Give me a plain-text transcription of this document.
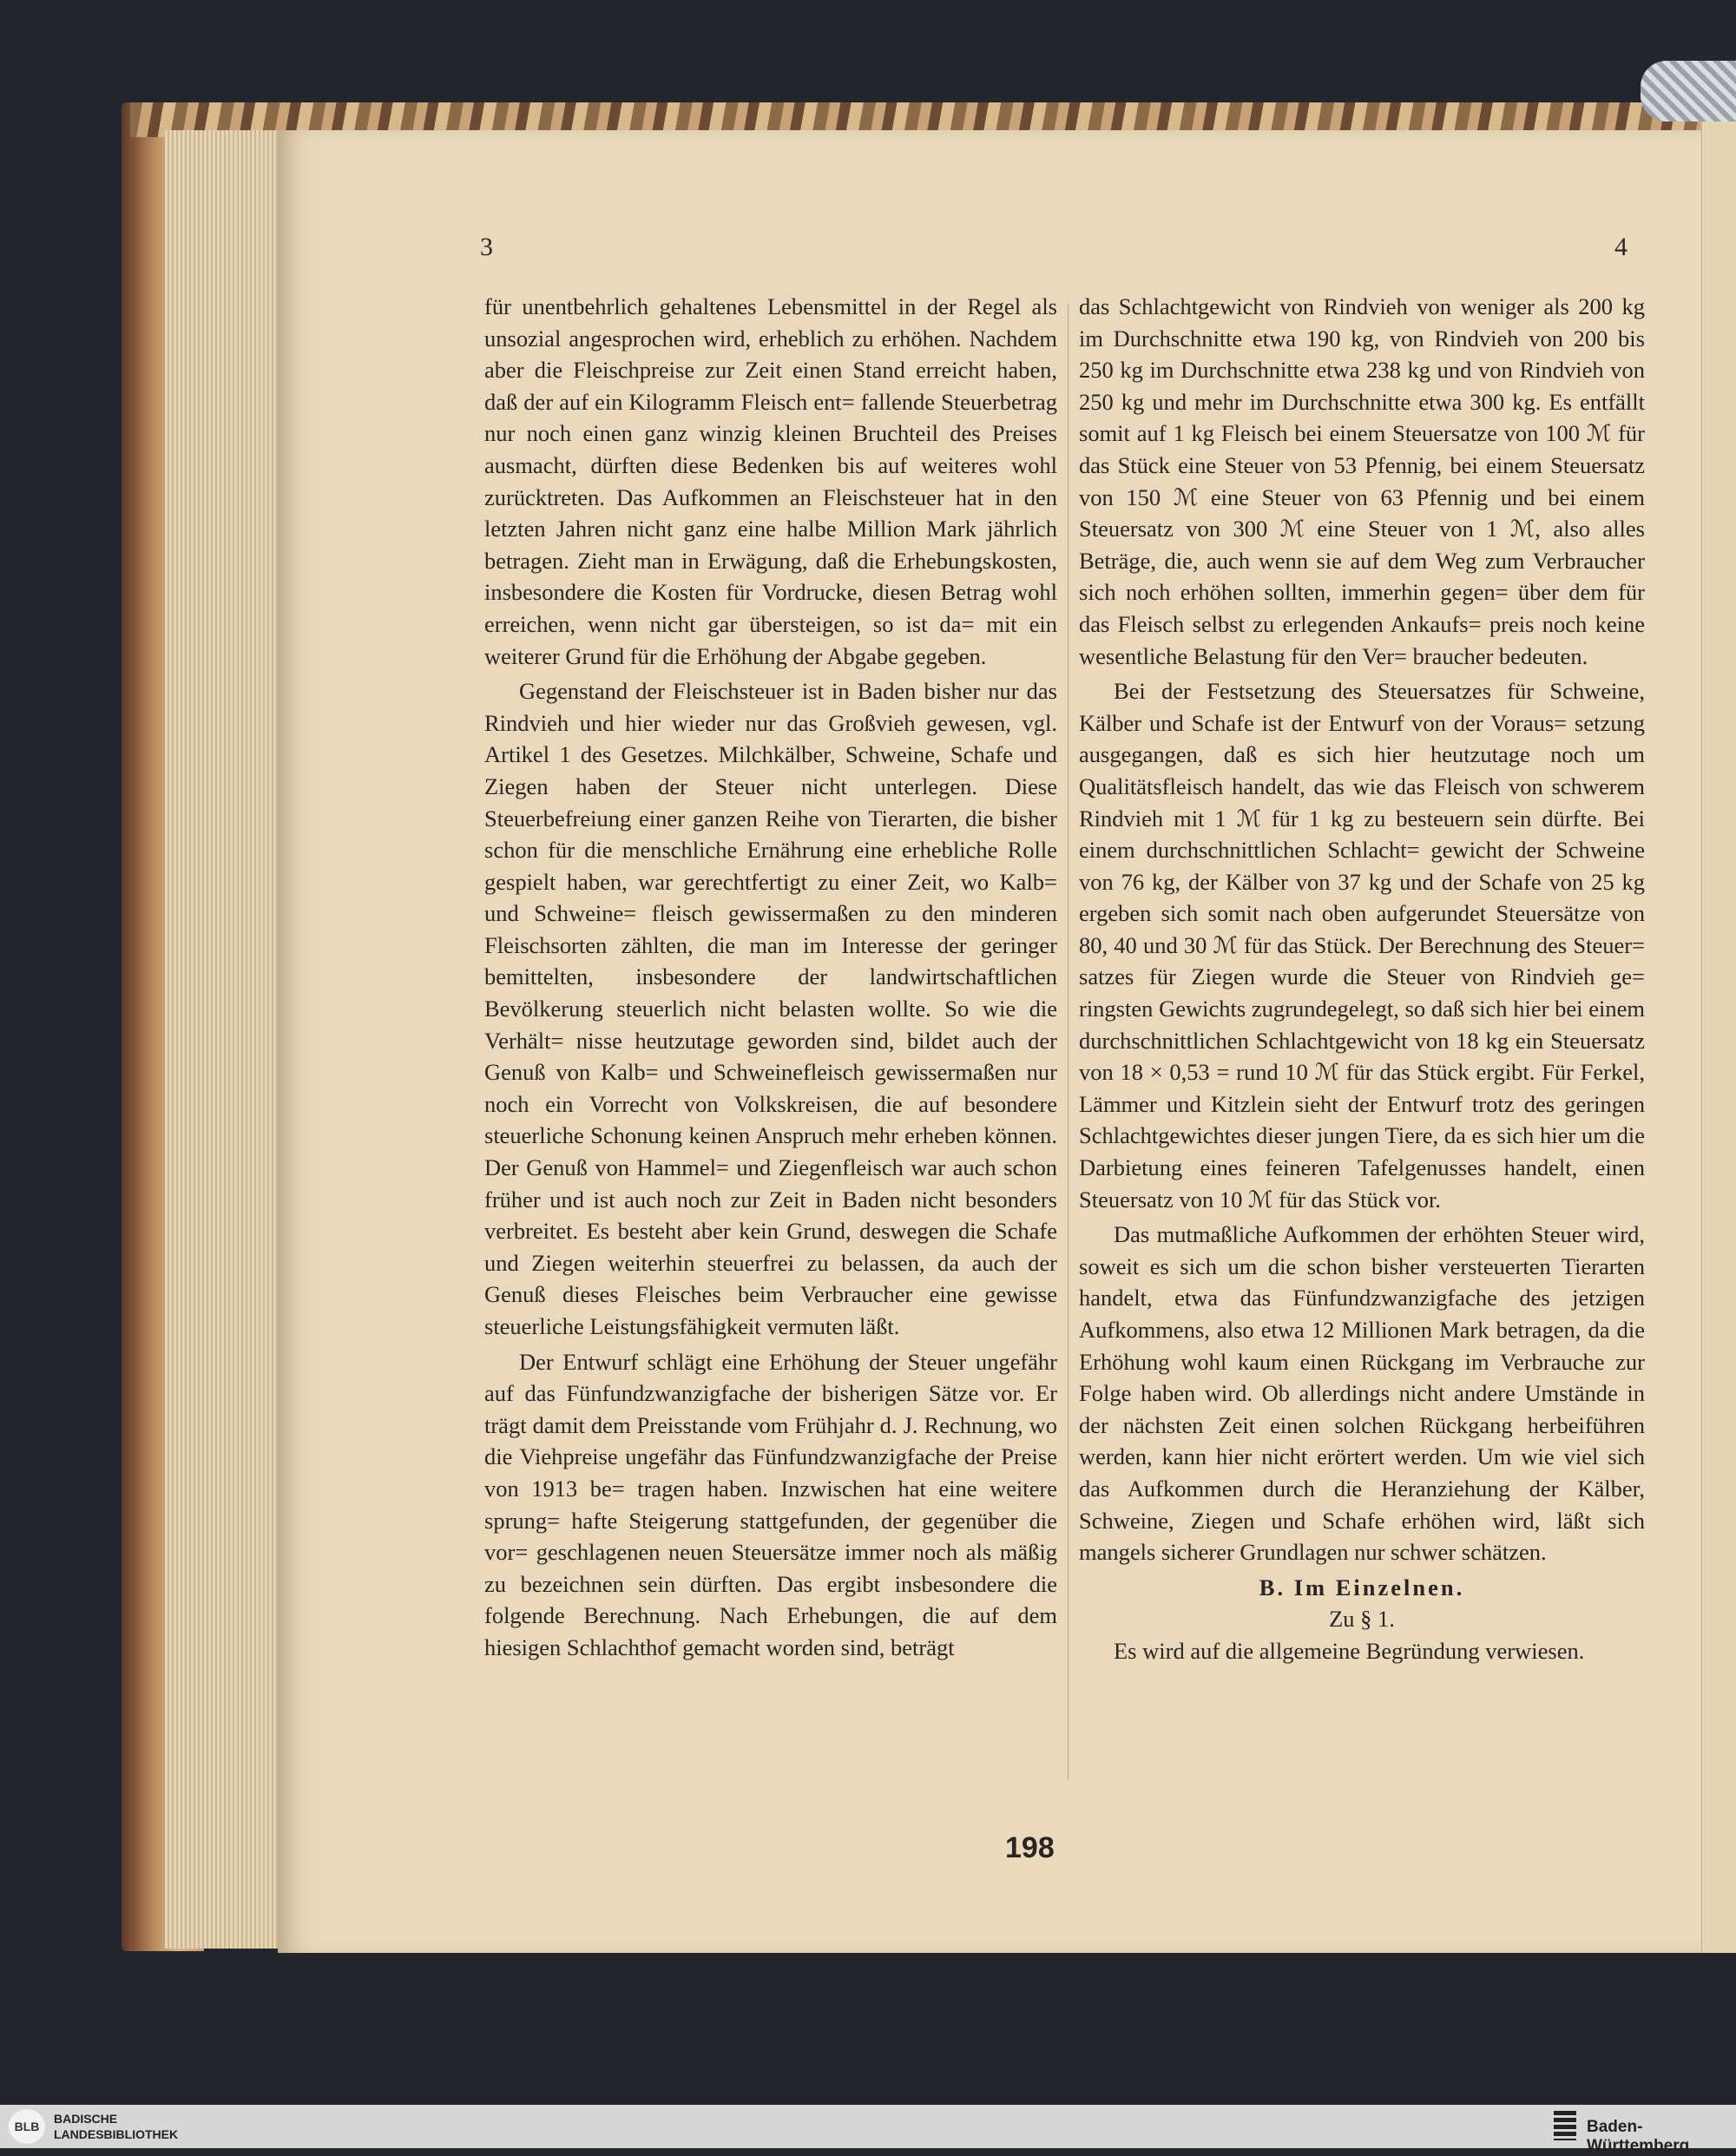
3	4

für unentbehrlich gehaltenes Lebensmittel in der Regel als unsozial angesprochen wird, erheblich zu erhöhen. Nachdem aber die Fleischpreise zur Zeit einen Stand erreicht haben, daß der auf ein Kilogramm Fleisch ent= fallende Steuerbetrag nur noch einen ganz winzig kleinen Bruchteil des Preises ausmacht, dürften diese Bedenken bis auf weiteres wohl zurücktreten. Das Aufkommen an Fleischsteuer hat in den letzten Jahren nicht ganz eine halbe Million Mark jährlich betragen. Zieht man in Erwägung, daß die Erhebungskosten, insbesondere die Kosten für Vordrucke, diesen Betrag wohl erreichen, wenn nicht gar übersteigen, so ist da= mit ein weiterer Grund für die Erhöhung der Abgabe gegeben.

Gegenstand der Fleischsteuer ist in Baden bisher nur das Rindvieh und hier wieder nur das Großvieh gewesen, vgl. Artikel 1 des Gesetzes. Milchkälber, Schweine, Schafe und Ziegen haben der Steuer nicht unterlegen. Diese Steuerbefreiung einer ganzen Reihe von Tierarten, die bisher schon für die menschliche Ernährung eine erhebliche Rolle gespielt haben, war gerechtfertigt zu einer Zeit, wo Kalb= und Schweine= fleisch gewissermaßen zu den minderen Fleischsorten zählten, die man im Interesse der geringer bemittelten, insbesondere der landwirtschaftlichen Bevölkerung steuerlich nicht belasten wollte. So wie die Verhält= nisse heutzutage geworden sind, bildet auch der Genuß von Kalb= und Schweinefleisch gewissermaßen nur noch ein Vorrecht von Volkskreisen, die auf besondere steuerliche Schonung keinen Anspruch mehr erheben können. Der Genuß von Hammel= und Ziegenfleisch war auch schon früher und ist auch noch zur Zeit in Baden nicht besonders verbreitet. Es besteht aber kein Grund, deswegen die Schafe und Ziegen weiterhin steuerfrei zu belassen, da auch der Genuß dieses Fleisches beim Verbraucher eine gewisse steuerliche Leistungsfähigkeit vermuten läßt.

Der Entwurf schlägt eine Erhöhung der Steuer ungefähr auf das Fünfundzwanzigfache der bisherigen Sätze vor. Er trägt damit dem Preisstande vom Frühjahr d. J. Rechnung, wo die Viehpreise ungefähr das Fünfundzwanzigfache der Preise von 1913 be= tragen haben. Inzwischen hat eine weitere sprung= hafte Steigerung stattgefunden, der gegenüber die vor= geschlagenen neuen Steuersätze immer noch als mäßig zu bezeichnen sein dürften. Das ergibt insbesondere die folgende Berechnung. Nach Erhebungen, die auf dem hiesigen Schlachthof gemacht worden sind, beträgt

das Schlachtgewicht von Rindvieh von weniger als 200 kg im Durchschnitte etwa 190 kg, von Rindvieh von 200 bis 250 kg im Durchschnitte etwa 238 kg und von Rindvieh von 250 kg und mehr im Durchschnitte etwa 300 kg. Es entfällt somit auf 1 kg Fleisch bei einem Steuersatze von 100 ℳ für das Stück eine Steuer von 53 Pfennig, bei einem Steuersatz von 150 ℳ eine Steuer von 63 Pfennig und bei einem Steuersatz von 300 ℳ eine Steuer von 1 ℳ, also alles Beträge, die, auch wenn sie auf dem Weg zum Verbraucher sich noch erhöhen sollten, immerhin gegen= über dem für das Fleisch selbst zu erlegenden Ankaufs= preis noch keine wesentliche Belastung für den Ver= braucher bedeuten.

Bei der Festsetzung des Steuersatzes für Schweine, Kälber und Schafe ist der Entwurf von der Voraus= setzung ausgegangen, daß es sich hier heutzutage noch um Qualitätsfleisch handelt, das wie das Fleisch von schwerem Rindvieh mit 1 ℳ für 1 kg zu besteuern sein dürfte. Bei einem durchschnittlichen Schlacht= gewicht der Schweine von 76 kg, der Kälber von 37 kg und der Schafe von 25 kg ergeben sich somit nach oben aufgerundet Steuersätze von 80, 40 und 30 ℳ für das Stück. Der Berechnung des Steuer= satzes für Ziegen wurde die Steuer von Rindvieh ge= ringsten Gewichts zugrundegelegt, so daß sich hier bei einem durchschnittlichen Schlachtgewicht von 18 kg ein Steuersatz von 18 × 0,53 = rund 10 ℳ für das Stück ergibt. Für Ferkel, Lämmer und Kitzlein sieht der Entwurf trotz des geringen Schlachtgewichtes dieser jungen Tiere, da es sich hier um die Darbietung eines feineren Tafelgenusses handelt, einen Steuersatz von 10 ℳ für das Stück vor.

Das mutmaßliche Aufkommen der erhöhten Steuer wird, soweit es sich um die schon bisher versteuerten Tierarten handelt, etwa das Fünfundzwanzigfache des jetzigen Aufkommens, also etwa 12 Millionen Mark betragen, da die Erhöhung wohl kaum einen Rückgang im Verbrauche zur Folge haben wird. Ob allerdings nicht andere Umstände in der nächsten Zeit einen solchen Rückgang herbeiführen werden, kann hier nicht erörtert werden. Um wie viel sich das Aufkommen durch die Heranziehung der Kälber, Schweine, Ziegen und Schafe erhöhen wird, läßt sich mangels sicherer Grundlagen nur schwer schätzen.

B. Im Einzelnen.

Zu § 1.

Es wird auf die allgemeine Begründung verwiesen.

198
BLB
BADISCHE
LANDESBIBLIOTHEK	Baden-Württemberg
